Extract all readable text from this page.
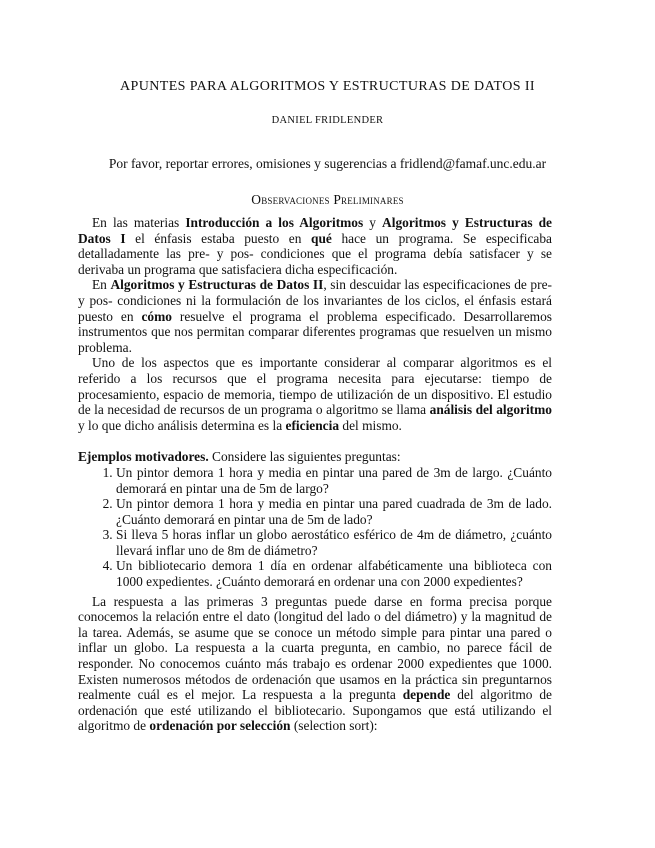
APUNTES PARA ALGORITMOS Y ESTRUCTURAS DE DATOS II
DANIEL FRIDLENDER
Por favor, reportar errores, omisiones y sugerencias a fridlend@famaf.unc.edu.ar
Observaciones Preliminares

En las materias Introducción a los Algoritmos y Algoritmos y Estructuras de Datos I el énfasis estaba puesto en qué hace un programa. Se especificaba detalladamente las pre- y pos- condiciones que el programa debía satisfacer y se derivaba un programa que satisfaciera dicha especificación.

En Algoritmos y Estructuras de Datos II, sin descuidar las especificaciones de pre- y pos- condiciones ni la formulación de los invariantes de los ciclos, el énfasis estará puesto en cómo resuelve el programa el problema especificado. Desarrollaremos instrumentos que nos permitan comparar diferentes programas que resuelven un mismo problema.

Uno de los aspectos que es importante considerar al comparar algoritmos es el referido a los recursos que el programa necesita para ejecutarse: tiempo de procesamiento, espacio de memoria, tiempo de utilización de un dispositivo. El estudio de la necesidad de recursos de un programa o algoritmo se llama análisis del algoritmo y lo que dicho análisis determina es la eficiencia del mismo.

Ejemplos motivadores. Considere las siguientes preguntas:

1. Un pintor demora 1 hora y media en pintar una pared de 3m de largo. ¿Cuánto demorará en pintar una de 5m de largo?
2. Un pintor demora 1 hora y media en pintar una pared cuadrada de 3m de lado. ¿Cuánto demorará en pintar una de 5m de lado?
3. Si lleva 5 horas inflar un globo aerostático esférico de 4m de diámetro, ¿cuánto llevará inflar uno de 8m de diámetro?
4. Un bibliotecario demora 1 día en ordenar alfabéticamente una biblioteca con 1000 expedientes. ¿Cuánto demorará en ordenar una con 2000 expedientes?

La respuesta a las primeras 3 preguntas puede darse en forma precisa porque conocemos la relación entre el dato (longitud del lado o del diámetro) y la magnitud de la tarea. Además, se asume que se conoce un método simple para pintar una pared o inflar un globo. La respuesta a la cuarta pregunta, en cambio, no parece fácil de responder. No conocemos cuánto más trabajo es ordenar 2000 expedientes que 1000. Existen numerosos métodos de ordenación que usamos en la práctica sin preguntarnos realmente cuál es el mejor. La respuesta a la pregunta depende del algoritmo de ordenación que esté utilizando el bibliotecario. Supongamos que está utilizando el algoritmo de ordenación por selección (selection sort):
